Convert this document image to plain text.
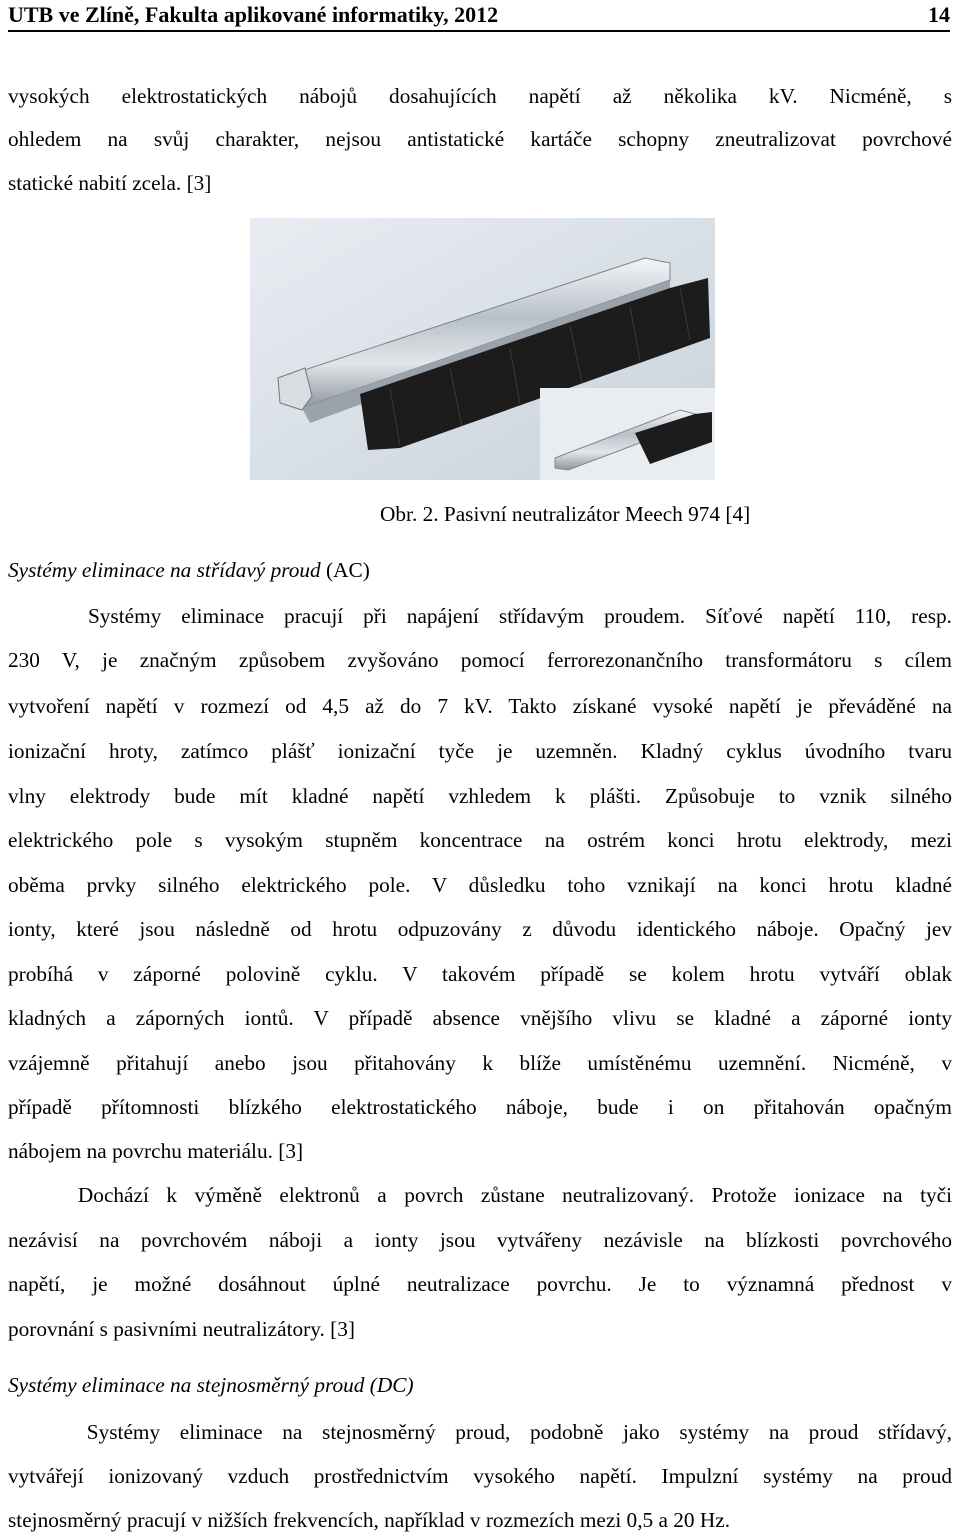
UTB ve Zlíně, Fakulta aplikované informatiky, 2012	14
vysokých elektrostatických nábojů dosahujících napětí až několika kV. Nicméně, s
ohledem na svůj charakter, nejsou antistatické kartáče schopny zneutralizovat povrchové
statické nabití zcela. [3]
Obr. 2. Pasivní neutralizátor Meech 974 [4]
Systémy eliminace na střídavý proud (AC)
Systémy eliminace pracují při napájení střídavým proudem. Síťové napětí 110, resp.
230 V, je značným způsobem zvyšováno pomocí ferrorezonančního transformátoru s cílem
vytvoření napětí v rozmezí od 4,5 až do 7 kV. Takto získané vysoké napětí je převáděné na
ionizační hroty, zatímco plášť ionizační tyče je uzemněn. Kladný cyklus úvodního tvaru
vlny elektrody bude mít kladné napětí vzhledem k plášti. Způsobuje to vznik silného
elektrického pole s vysokým stupněm koncentrace na ostrém konci hrotu elektrody, mezi
oběma prvky silného elektrického pole. V důsledku toho vznikají na konci hrotu kladné
ionty, které jsou následně od hrotu odpuzovány z důvodu identického náboje. Opačný jev
probíhá v záporné polovině cyklu. V takovém případě se kolem hrotu vytváří oblak
kladných a záporných iontů. V případě absence vnějšího vlivu se kladné a záporné ionty
vzájemně přitahují anebo jsou přitahovány k blíže umístěnému uzemnění. Nicméně, v
případě přítomnosti blízkého elektrostatického náboje, bude i on přitahován opačným
nábojem na povrchu materiálu. [3]
Dochází k výměně elektronů a povrch zůstane neutralizovaný. Protože ionizace na tyči
nezávisí na povrchovém náboji a ionty jsou vytvářeny nezávisle na blízkosti povrchového
napětí, je možné dosáhnout úplné neutralizace povrchu. Je to významná přednost v
porovnání s pasivními neutralizátory. [3]
Systémy eliminace na stejnosměrný proud (DC)
Systémy eliminace na stejnosměrný proud, podobně jako systémy na proud střídavý,
vytvářejí ionizovaný vzduch prostřednictvím vysokého napětí. Impulzní systémy na proud
stejnosměrný pracují v nižších frekvencích, například v rozmezích mezi 0,5 a 20 Hz.
